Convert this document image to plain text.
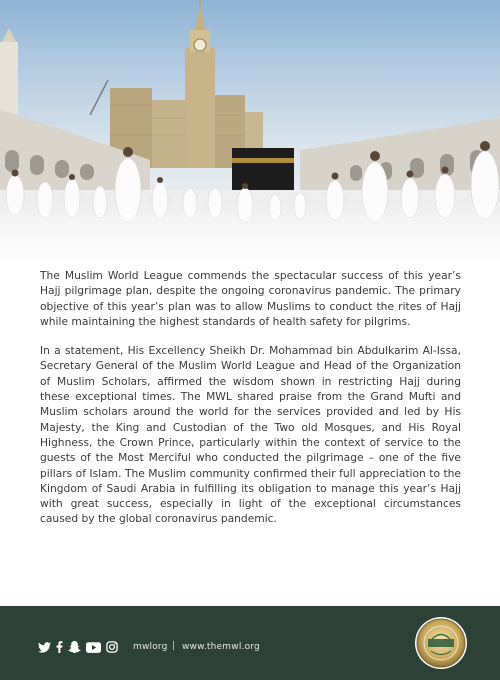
The Muslim World League commends the spectacular success of this year’s Hajj pilgrimage plan, despite the ongoing coronavirus pandemic. The primary objective of this year’s plan was to allow Muslims to conduct the rites of Hajj while maintaining the highest standards of health safety for pilgrims.

In a statement, His Excellency Sheikh Dr. Mohammad bin Abdulkarim Al-Issa, Secretary General of the Muslim World League and Head of the Organization of Muslim Scholars, affirmed the wisdom shown in restricting Hajj during these exceptional times. The MWL shared praise from the Grand Mufti and Muslim scholars around the world for the services provided and led by His Majesty, the King and Custodian of the Two old Mosques, and His Royal Highness, the Crown Prince, particularly within the context of service to the guests of the Most Merciful who conducted the pilgrimage – one of the five pillars of Islam. The Muslim community confirmed their full appreciation to the Kingdom of Saudi Arabia in fulfilling its obligation to manage this year’s Hajj with great success, especially in light of the exceptional circumstances caused by the global coronavirus pandemic.

mwlorg | www.themwl.org
